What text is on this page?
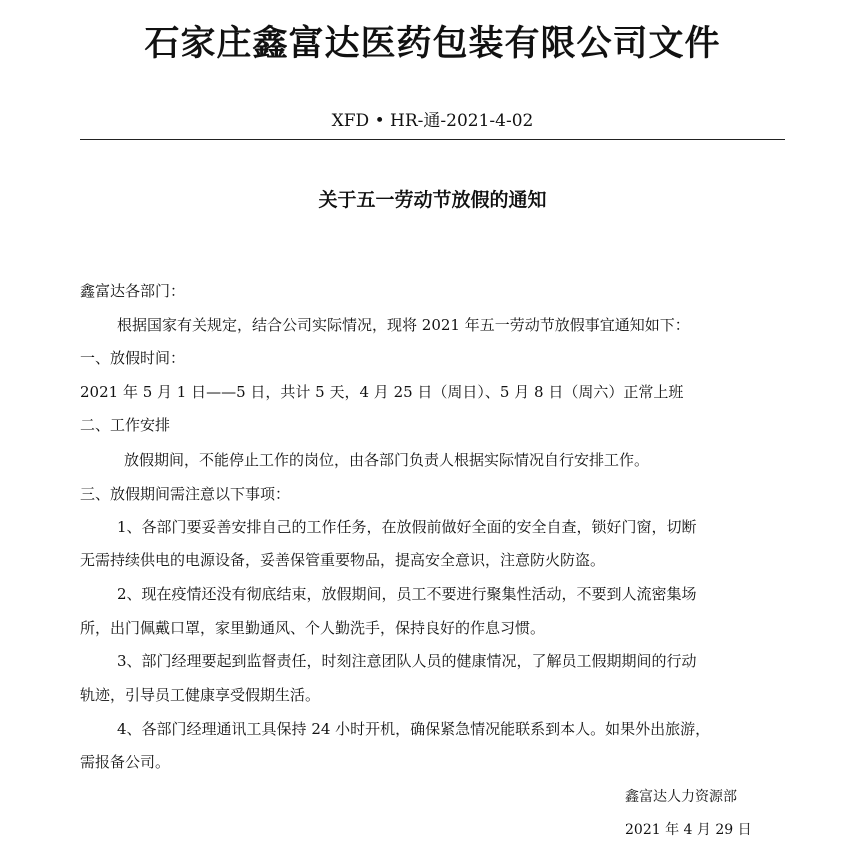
石家庄鑫富达医药包装有限公司文件
XFD • HR-通-2021-4-02
关于五一劳动节放假的通知
鑫富达各部门：
根据国家有关规定，结合公司实际情况，现将 2021 年五一劳动节放假事宜通知如下：
一、放假时间：
2021 年 5 月 1 日——5 日，共计 5 天，4 月 25 日（周日）、5 月 8 日（周六）正常上班
二、工作安排
放假期间，不能停止工作的岗位，由各部门负责人根据实际情况自行安排工作。
三、放假期间需注意以下事项：
1、各部门要妥善安排自己的工作任务，在放假前做好全面的安全自查，锁好门窗，切断
无需持续供电的电源设备，妥善保管重要物品，提高安全意识，注意防火防盗。
2、现在疫情还没有彻底结束，放假期间，员工不要进行聚集性活动，不要到人流密集场
所，出门佩戴口罩，家里勤通风、个人勤洗手，保持良好的作息习惯。
3、部门经理要起到监督责任，时刻注意团队人员的健康情况，了解员工假期期间的行动
轨迹，引导员工健康享受假期生活。
4、各部门经理通讯工具保持 24 小时开机，确保紧急情况能联系到本人。如果外出旅游，
需报备公司。
鑫富达人力资源部
2021 年 4 月 29 日
